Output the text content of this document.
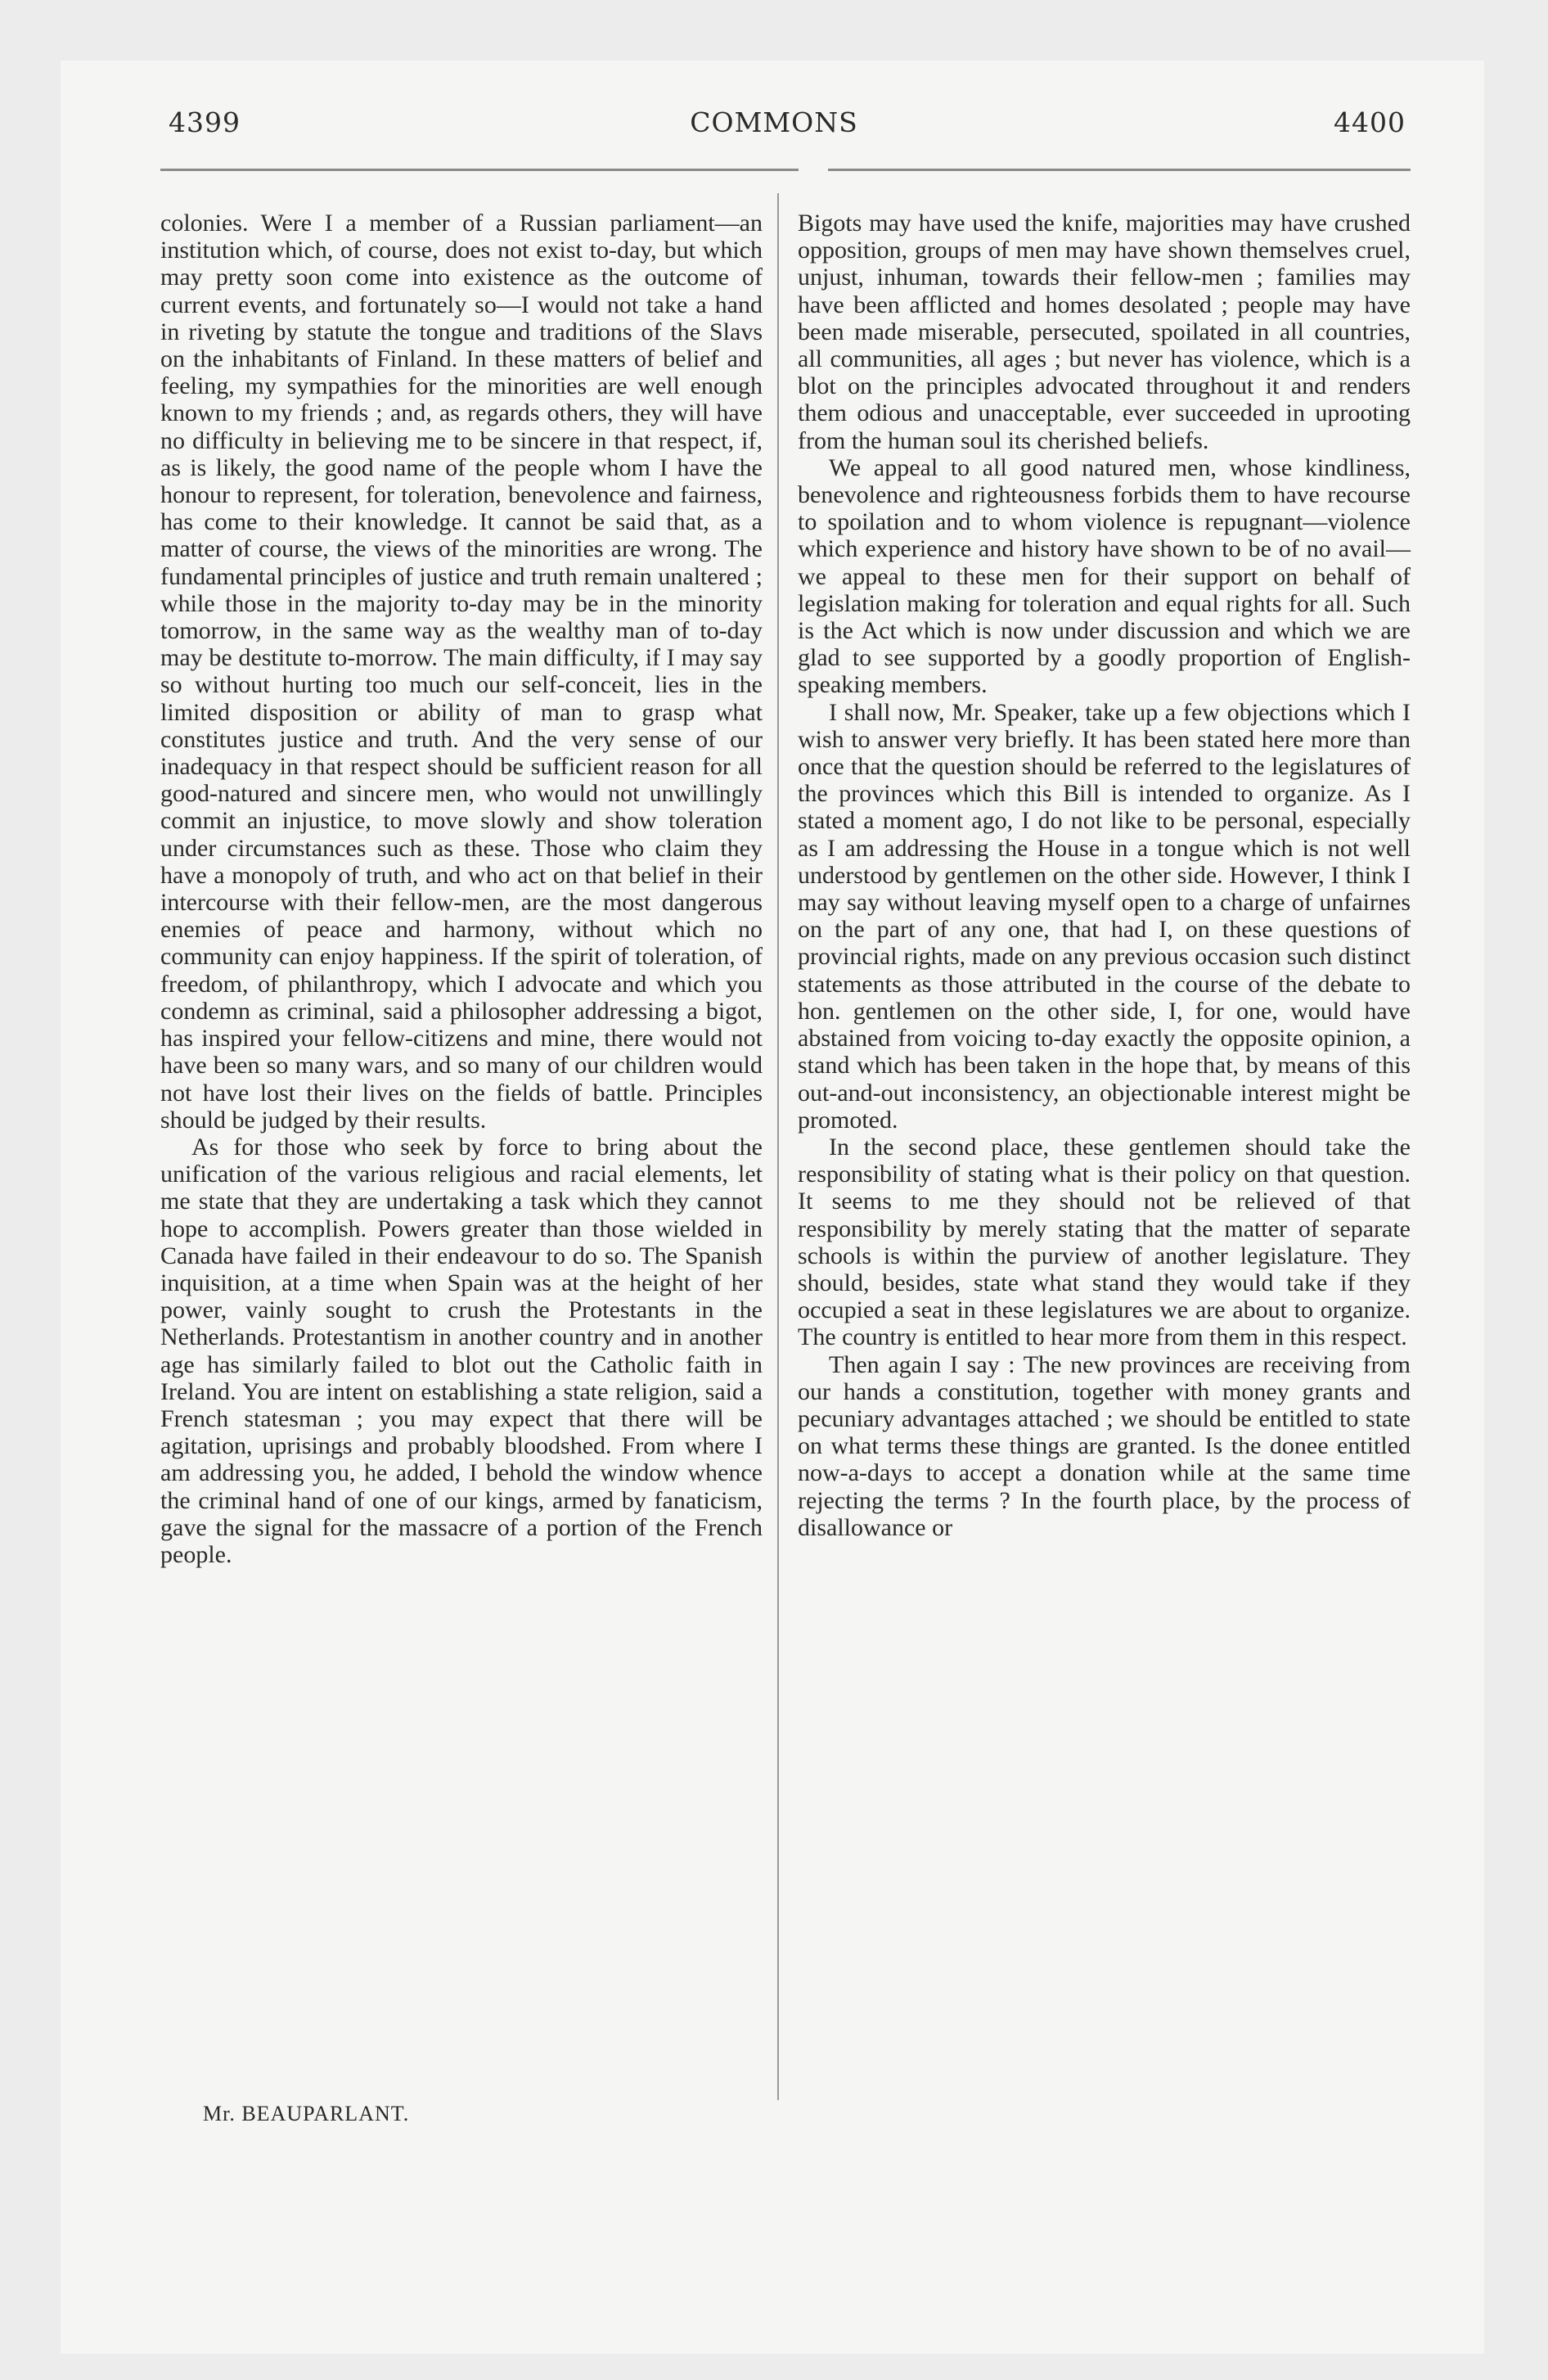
4399	COMMONS	4400

colonies. Were I a member of a Russian parliament—an institution which, of course, does not exist to-day, but which may pretty soon come into existence as the outcome of current events, and fortunately so—I would not take a hand in riveting by statute the tongue and traditions of the Slavs on the inhabitants of Finland. In these matters of belief and feeling, my sympathies for the minorities are well enough known to my friends ; and, as regards others, they will have no difficulty in believing me to be sincere in that respect, if, as is likely, the good name of the people whom I have the honour to represent, for toleration, benevolence and fairness, has come to their knowledge. It cannot be said that, as a matter of course, the views of the minorities are wrong. The fundamental principles of justice and truth remain unaltered ; while those in the majority to-day may be in the minority tomorrow, in the same way as the wealthy man of to-day may be destitute to-morrow. The main difficulty, if I may say so without hurting too much our self-conceit, lies in the limited disposition or ability of man to grasp what constitutes justice and truth. And the very sense of our inadequacy in that respect should be sufficient reason for all good-natured and sincere men, who would not unwillingly commit an injustice, to move slowly and show toleration under circumstances such as these. Those who claim they have a monopoly of truth, and who act on that belief in their intercourse with their fellow-men, are the most dangerous enemies of peace and harmony, without which no community can enjoy happiness. If the spirit of toleration, of freedom, of philanthropy, which I advocate and which you condemn as criminal, said a philosopher addressing a bigot, has inspired your fellow-citizens and mine, there would not have been so many wars, and so many of our children would not have lost their lives on the fields of battle. Principles should be judged by their results.

As for those who seek by force to bring about the unification of the various religious and racial elements, let me state that they are undertaking a task which they cannot hope to accomplish. Powers greater than those wielded in Canada have failed in their endeavour to do so. The Spanish inquisition, at a time when Spain was at the height of her power, vainly sought to crush the Protestants in the Netherlands. Protestantism in another country and in another age has similarly failed to blot out the Catholic faith in Ireland. You are intent on establishing a state religion, said a French statesman ; you may expect that there will be agitation, uprisings and probably bloodshed. From where I am addressing you, he added, I behold the window whence the criminal hand of one of our kings, armed by fanaticism, gave the signal for the massacre of a portion of the French people.

Bigots may have used the knife, majorities may have crushed opposition, groups of men may have shown themselves cruel, unjust, inhuman, towards their fellow-men ; families may have been afflicted and homes desolated ; people may have been made miserable, persecuted, spoilated in all countries, all communities, all ages ; but never has violence, which is a blot on the principles advocated throughout it and renders them odious and unacceptable, ever succeeded in uprooting from the human soul its cherished beliefs.

We appeal to all good natured men, whose kindliness, benevolence and righteousness forbids them to have recourse to spoilation and to whom violence is repugnant—violence which experience and history have shown to be of no avail—we appeal to these men for their support on behalf of legislation making for toleration and equal rights for all. Such is the Act which is now under discussion and which we are glad to see supported by a goodly proportion of English-speaking members.

I shall now, Mr. Speaker, take up a few objections which I wish to answer very briefly. It has been stated here more than once that the question should be referred to the legislatures of the provinces which this Bill is intended to organize. As I stated a moment ago, I do not like to be personal, especially as I am addressing the House in a tongue which is not well understood by gentlemen on the other side. However, I think I may say without leaving myself open to a charge of unfairnes on the part of any one, that had I, on these questions of provincial rights, made on any previous occasion such distinct statements as those attributed in the course of the debate to hon. gentlemen on the other side, I, for one, would have abstained from voicing to-day exactly the opposite opinion, a stand which has been taken in the hope that, by means of this out-and-out inconsistency, an objectionable interest might be promoted.

In the second place, these gentlemen should take the responsibility of stating what is their policy on that question. It seems to me they should not be relieved of that responsibility by merely stating that the matter of separate schools is within the purview of another legislature. They should, besides, state what stand they would take if they occupied a seat in these legislatures we are about to organize. The country is entitled to hear more from them in this respect.

Then again I say : The new provinces are receiving from our hands a constitution, together with money grants and pecuniary advantages attached ; we should be entitled to state on what terms these things are granted. Is the donee entitled now-a-days to accept a donation while at the same time rejecting the terms ? In the fourth place, by the process of disallowance or

Mr. BEAUPARLANT.
